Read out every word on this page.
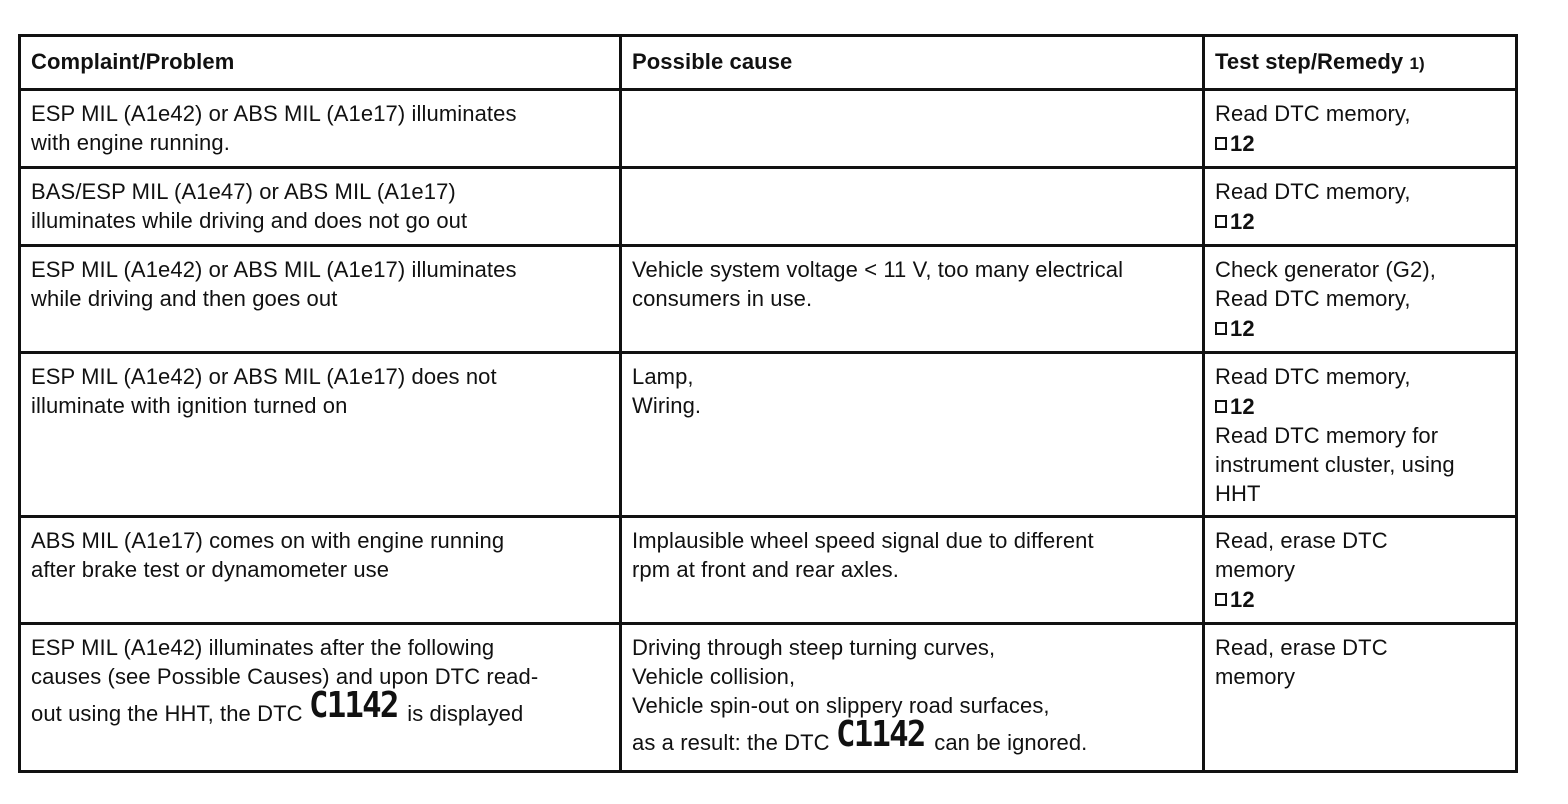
Complaint/Problem	Possible cause	Test step/Remedy 1)
ESP MIL (A1e42) or ABS MIL (A1e17) illuminates
with engine running.
Read DTC memory,
12
BAS/ESP MIL (A1e47) or ABS MIL (A1e17)
illuminates while driving and does not go out
Read DTC memory,
12
ESP MIL (A1e42) or ABS MIL (A1e17) illuminates
while driving and then goes out
Vehicle system voltage < 11 V, too many electrical
consumers in use.
Check generator (G2),
Read DTC memory,
12
ESP MIL (A1e42) or ABS MIL (A1e17) does not
illuminate with ignition turned on
Lamp,
Wiring.
Read DTC memory,
12
Read DTC memory for
instrument cluster, using
HHT
ABS MIL (A1e17) comes on with engine running
after brake test or dynamometer use
Implausible wheel speed signal due to different
rpm at front and rear axles.
Read, erase DTC
memory
12
ESP MIL (A1e42) illuminates after the following
causes (see Possible Causes) and upon DTC read-
out using the HHT, the DTC C1142 is displayed
Driving through steep turning curves,
Vehicle collision,
Vehicle spin-out on slippery road surfaces,
as a result: the DTC C1142 can be ignored.
Read, erase DTC
memory
